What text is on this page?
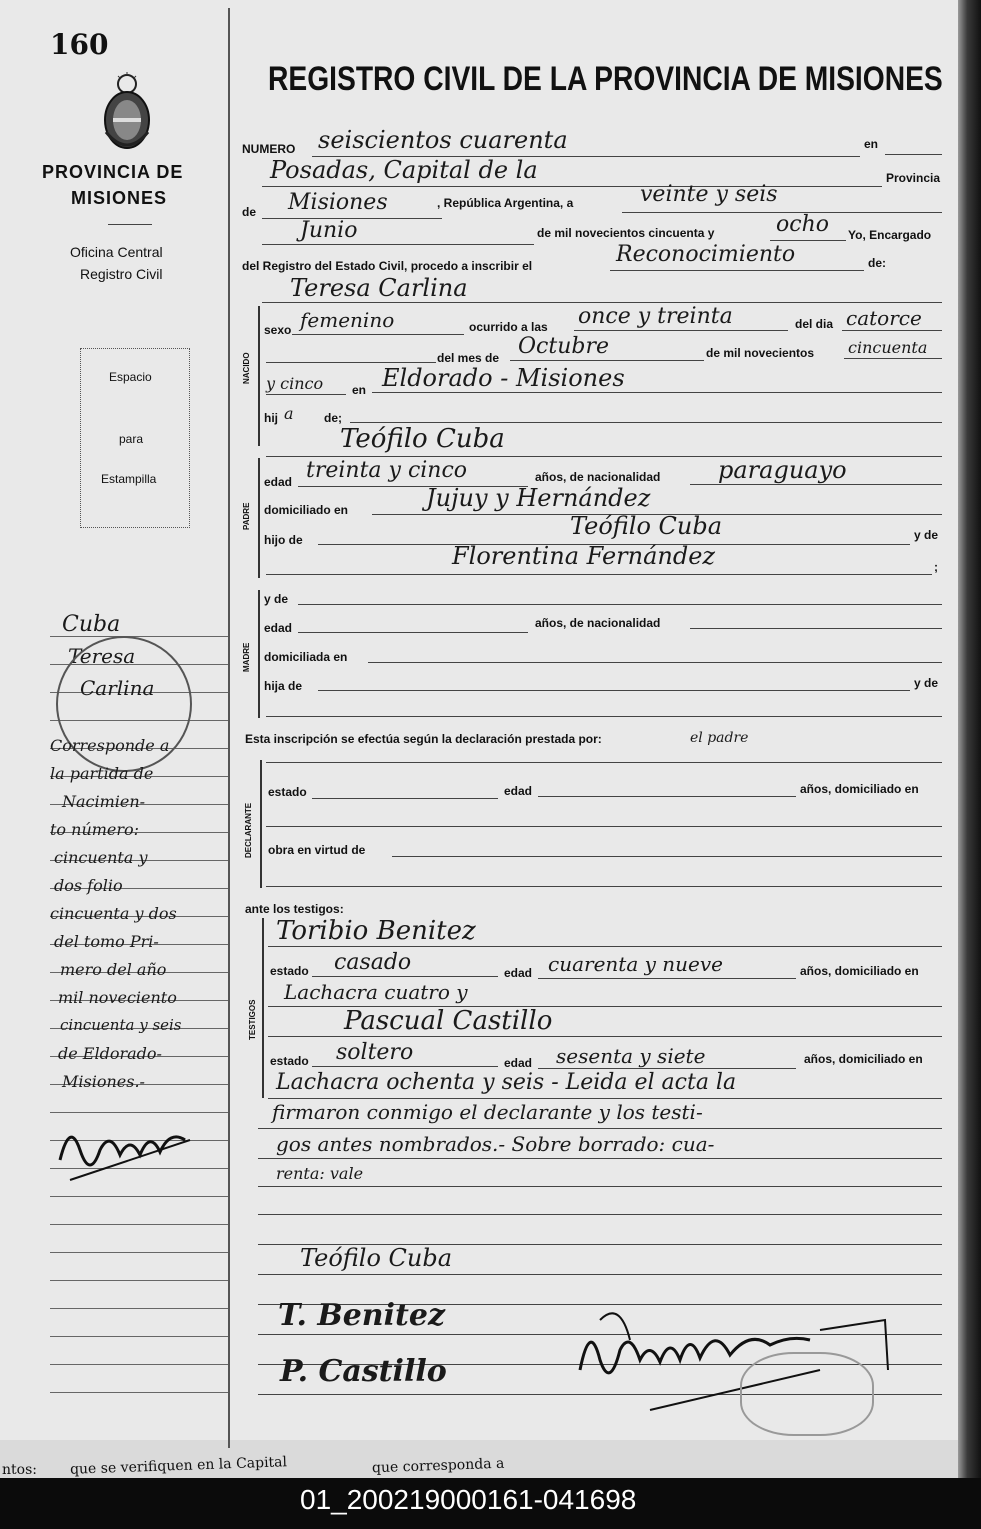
160
PROVINCIA DE
MISIONES
Oficina Central
Registro Civil
Espacio
para
Estampilla
Cuba
Teresa
Carlina
Corresponde a
la partida de
Nacimien-
to número:
cincuenta y
dos folio
cincuenta y dos
del tomo Pri-
mero del año
mil noveciento
cincuenta y seis
de Eldorado-
Misiones.-
REGISTRO CIVIL DE LA PROVINCIA DE MISIONES
NUMERO seiscientos cuarenta	en
Posadas, Capital de la	Provincia
de Misiones	, República Argentina, a	veinte y seis
Junio	de mil novecientos cincuenta y	ocho Yo, Encargado
del Registro del Estado Civil, procedo a inscribir el	Reconocimiento	de:
Teresa Carlina
NACIDO
sexo femenino	ocurrido a las once y treinta	del dia catorce
del mes de Octubre	de mil novecientos cincuenta
y cinco en Eldorado - Misiones
hij a	de;
Teófilo Cuba
PADRE
edad treinta y cinco	años, de nacionalidad paraguayo
domiciliado en	Jujuy y Hernández
hijo de	Teófilo Cuba	y de
Florentina Fernández	;
MADRE
y de
edad	años, de nacionalidad
domiciliada en
hija de	y de
Esta inscripción se efectúa según la declaración prestada por:	el padre
DECLARANTE
estado	edad	años, domiciliado en
obra en virtud de
ante los testigos:
TESTIGOS
Toribio Benitez
estado casado	edad cuarenta y nueve	años, domiciliado en
Lachacra cuatro y
Pascual Castillo
estado soltero	edad sesenta y siete	años, domiciliado en
Lachacra ochenta y seis - Leida el acta la
firmaron conmigo el declarante y los testi-
gos antes nombrados.- Sobre borrado: cua-
renta: vale
Teófilo Cuba
T. Benitez
P. Castillo
ntos: que se verifiquen en la Capital	que corresponda a
01_200219000161-041698
